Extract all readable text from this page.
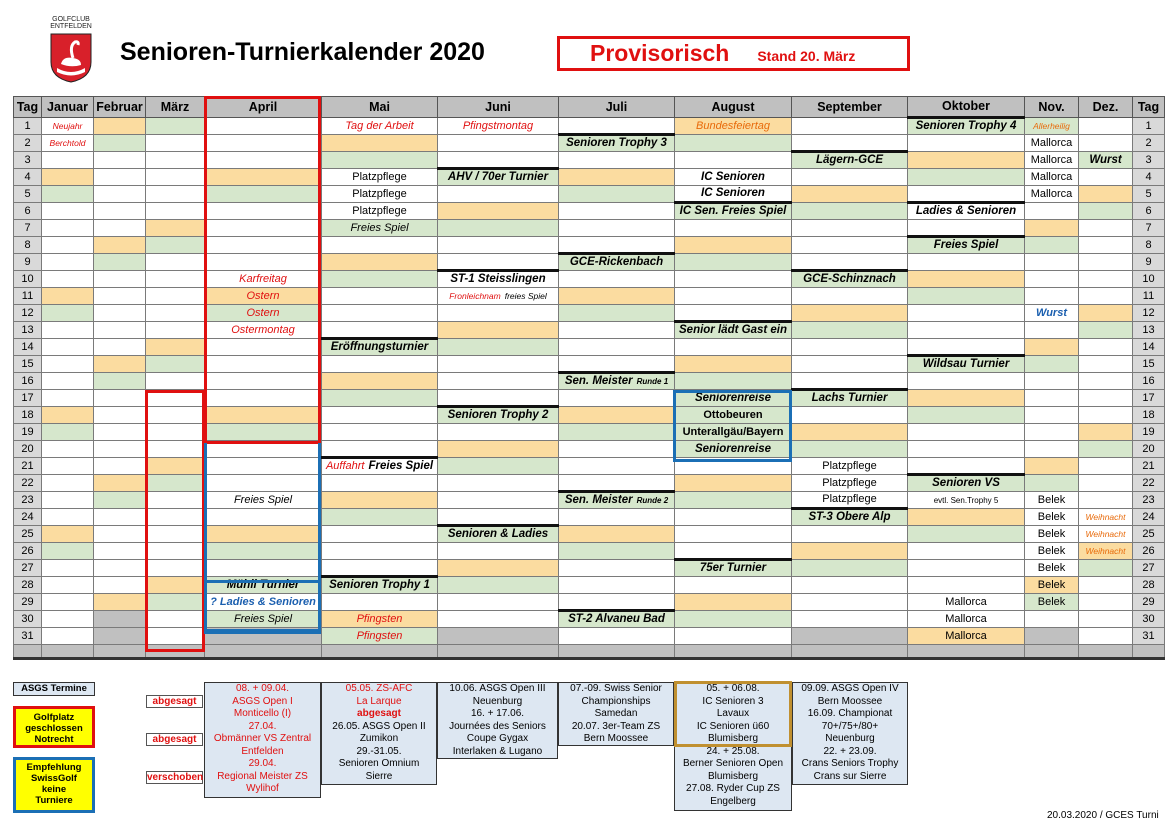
GOLFCLUB
ENTFELDEN
Senioren-Turnierkalender 2020	Provisorisch Stand 20. März
Tag	Januar	Februar	März	April	Mai	Juni	Juli	August	September	Oktober	Nov.	Dez.	Tag
1	Neujahr				Tag der Arbeit	Pfingstmontag		Bundesfeiertag		Senioren Trophy 4	Allerheilig		1
2	Berchtold						Senioren Trophy 3				Mallorca		2
3									Lägern-GCE		Mallorca	Wurst	3
4					Platzpflege	AHV / 70er Turnier		IC Senioren			Mallorca		4
5					Platzpflege			IC Senioren			Mallorca		5
6					Platzpflege			IC Sen. Freies Spiel		Ladies & Senioren			6
7					Freies Spiel								7
8										Freies Spiel			8
9							GCE-Rickenbach						9
10				Karfreitag		ST-1 Steisslingen			GCE-Schinznach				10
11				Ostern		Fronleichnam freies Spiel							11
12				Ostern							Wurst		12
13				Ostermontag				Senior lädt Gast ein					13
14					Eröffnungsturnier								14
15										Wildsau Turnier			15
16							Sen. Meister Runde 1						16
17								Seniorenreise	Lachs Turnier				17
18						Senioren Trophy 2		Ottobeuren					18
19								Unterallgäu/Bayern					19
20								Seniorenreise					20
21					Auffahrt Freies Spiel				Platzpflege				21
22									Platzpflege	Senioren VS			22
23				Freies Spiel			Sen. Meister Runde 2		Platzpflege	evtl. Sen.Trophy 5	Belek		23
24									ST-3 Obere Alp		Belek	Weihnacht	24
25						Senioren & Ladies					Belek	Weihnacht	25
26											Belek	Weihnacht	26
27								75er Turnier			Belek		27
28				Mühli Turnier	Senioren Trophy 1						Belek		28
29				? Ladies & Senioren						Mallorca	Belek		29
30				Freies Spiel	Pfingsten		ST-2 Alvaneu Bad			Mallorca			30
31					Pfingsten					Mallorca			31

ASGS Termine
Golfplatz
geschlossen
Notrecht
Empfehlung
SwissGolf
keine
Turniere
abgesagt
abgesagt
verschoben
08. + 09.04.
ASGS Open I
Monticello (I)
27.04.
Obmänner VS Zentral
Entfelden
29.04.
Regional Meister ZS
Wylihof
05.05. ZS-AFC
La Larque
abgesagt
26.05. ASGS Open II
Zumikon
29.-31.05.
Senioren Omnium
Sierre
10.06. ASGS Open III
Neuenburg
16. + 17.06.
Journées des Seniors
Coupe Gygax
Interlaken & Lugano
07.-09. Swiss Senior
Championships
Samedan
20.07. 3er-Team ZS
Bern Moossee
05. + 06.08.
IC Senioren 3
Lavaux
IC Senioren ü60
Blumisberg
24. + 25.08.
Berner Senioren Open
Blumisberg
27.08. Ryder Cup ZS
Engelberg
09.09. ASGS Open IV
Bern Moossee
16.09. Championat
70+/75+/80+
Neuenburg
22. + 23.09.
Crans Seniors Trophy
Crans sur Sierre
20.03.2020 / GCES Turni
